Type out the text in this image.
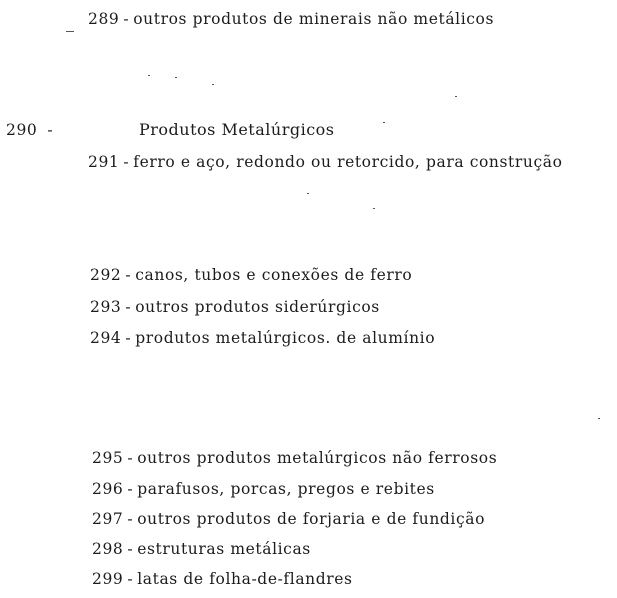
289 - outros produtos de minerais não metálicos
290 -	Produtos Metalúrgicos
291 - ferro e aço, redondo ou retorcido, para construção
292 - canos, tubos e conexões de ferro
293 - outros produtos siderúrgicos
294 - produtos metalúrgicos. de alumínio
295 - outros produtos metalúrgicos não ferrosos
296 - parafusos, porcas, pregos e rebites
297 - outros produtos de forjaria e de fundição
298 - estruturas metálicas
299 - latas de folha-de-flandres
